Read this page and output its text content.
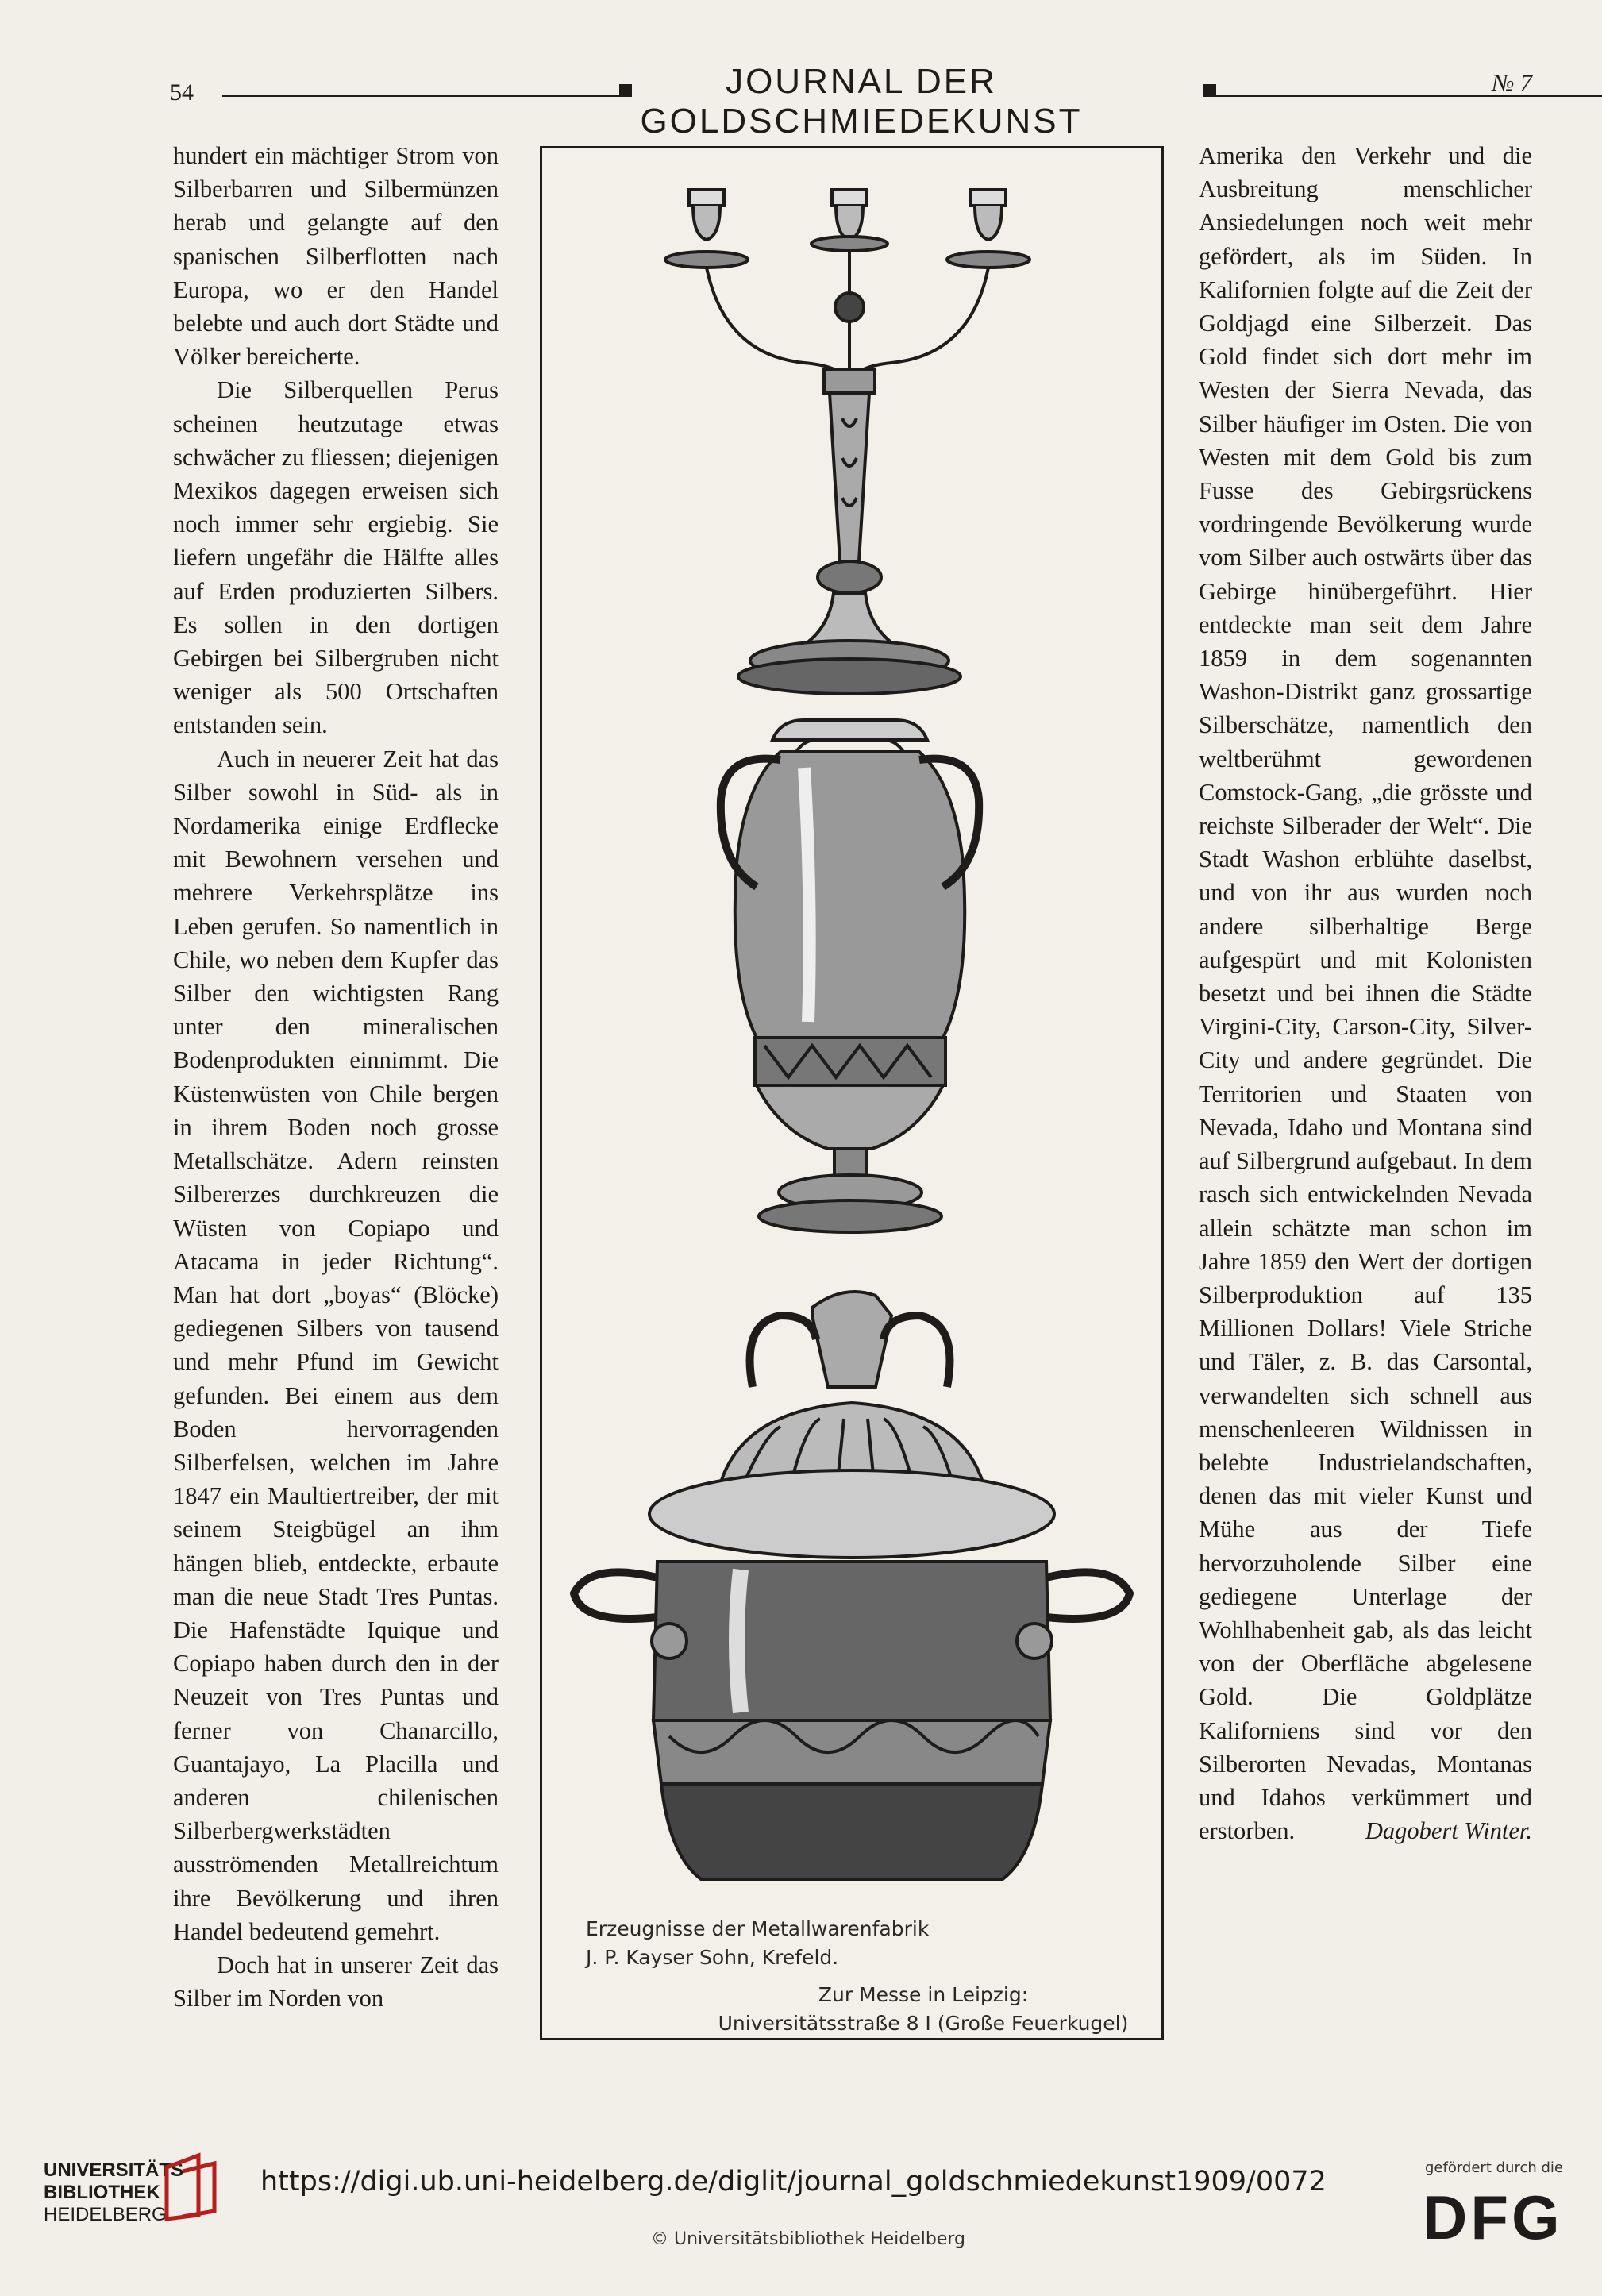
54	JOURNAL DER GOLDSCHMIEDEKUNST
№ 7

hundert ein mächtiger Strom von Silberbarren und Silbermünzen herab und gelangte auf den spanischen Silberflotten nach Europa, wo er den Handel belebte und auch dort Städte und Völker bereicherte.

Die Silberquellen Perus scheinen heutzutage etwas schwächer zu fliessen; diejenigen Mexikos dagegen erweisen sich noch immer sehr ergiebig. Sie liefern ungefähr die Hälfte alles auf Erden produzierten Silbers. Es sollen in den dortigen Gebirgen bei Silbergruben nicht weniger als 500 Ortschaften entstanden sein.

Auch in neuerer Zeit hat das Silber sowohl in Süd- als in Nordamerika einige Erdflecke mit Bewohnern versehen und mehrere Verkehrsplätze ins Leben gerufen. So namentlich in Chile, wo neben dem Kupfer das Silber den wichtigsten Rang unter den mineralischen Bodenprodukten einnimmt. Die Küstenwüsten von Chile bergen in ihrem Boden noch grosse Metallschätze. Adern reinsten Silbererzes durchkreuzen die Wüsten von Copiapo und Atacama in jeder Richtung“. Man hat dort „boyas“ (Blöcke) gediegenen Silbers von tausend und mehr Pfund im Gewicht gefunden. Bei einem aus dem Boden hervorragenden Silberfelsen, welchen im Jahre 1847 ein Maultiertreiber, der mit seinem Steigbügel an ihm hängen blieb, entdeckte, erbaute man die neue Stadt Tres Puntas. Die Hafenstädte Iquique und Copiapo haben durch den in der Neuzeit von Tres Puntas und ferner von Chanarcillo, Guantajayo, La Placilla und anderen chilenischen Silberbergwerkstädten ausströmenden Metallreichtum ihre Bevölkerung und ihren Handel bedeutend gemehrt.

Doch hat in unserer Zeit das Silber im Norden von

Erzeugnisse der Metallwarenfabrik
J. P. Kayser Sohn, Krefeld.
Zur Messe in Leipzig:
Universitätsstraße 8 I (Große Feuerkugel)

Amerika den Verkehr und die Ausbreitung menschlicher Ansiedelungen noch weit mehr gefördert, als im Süden. In Kalifornien folgte auf die Zeit der Goldjagd eine Silberzeit. Das Gold findet sich dort mehr im Westen der Sierra Nevada, das Silber häufiger im Osten. Die von Westen mit dem Gold bis zum Fusse des Gebirgsrückens vordringende Bevölkerung wurde vom Silber auch ostwärts über das Gebirge hinübergeführt. Hier entdeckte man seit dem Jahre 1859 in dem sogenannten Washon-Distrikt ganz grossartige Silberschätze, namentlich den weltberühmt gewordenen Comstock-Gang, „die grösste und reichste Silberader der Welt“. Die Stadt Washon erblühte daselbst, und von ihr aus wurden noch andere silberhaltige Berge aufgespürt und mit Kolonisten besetzt und bei ihnen die Städte Virgini-City, Carson-City, Silver-City und andere gegründet. Die Territorien und Staaten von Nevada, Idaho und Montana sind auf Silbergrund aufgebaut. In dem rasch sich entwickelnden Nevada allein schätzte man schon im Jahre 1859 den Wert der dortigen Silberproduktion auf 135 Millionen Dollars! Viele Striche und Täler, z. B. das Carsontal, verwandelten sich schnell aus menschenleeren Wildnissen in belebte Industrielandschaften, denen das mit vieler Kunst und Mühe aus der Tiefe hervorzuholende Silber eine gediegene Unterlage der Wohlhabenheit gab, als das leicht von der Oberfläche abgelesene Gold. Die Goldplätze Kaliforniens sind vor den Silberorten Nevadas, Montanas und Idahos verkümmert und erstorben.	Dagobert Winter.

UNIVERSITÄTS-
BIBLIOTHEK
HEIDELBERG
https://digi.ub.uni-heidelberg.de/diglit/journal_goldschmiedekunst1909/0072
© Universitätsbibliothek Heidelberg
gefördert durch die
DFG
